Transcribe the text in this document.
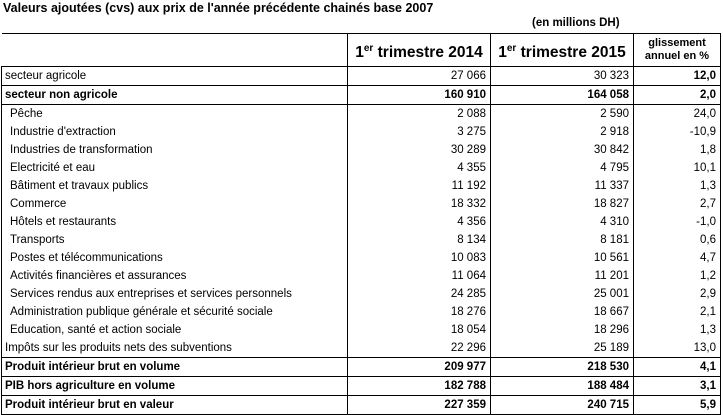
Valeurs ajoutées (cvs) aux prix de l'année précédente chainés base 2007
(en millions DH)
	1er trimestre 2014	1er trimestre 2015	glissement
annuel en %
secteur agricole	27 066	30 323	12,0
secteur non agricole	160 910	164 058	2,0
Pêche	2 088	2 590	24,0
Industrie d'extraction	3 275	2 918	-10,9
Industries de transformation	30 289	30 842	1,8
Electricité et eau	4 355	4 795	10,1
Bâtiment et travaux publics	11 192	11 337	1,3
Commerce	18 332	18 827	2,7
Hôtels et restaurants	4 356	4 310	-1,0
Transports	8 134	8 181	0,6
Postes et télécommunications	10 083	10 561	4,7
Activités financières et assurances	11 064	11 201	1,2
Services rendus aux entreprises et services personnels	24 285	25 001	2,9
Administration publique générale et sécurité sociale	18 276	18 667	2,1
Education, santé et action sociale	18 054	18 296	1,3
Impôts sur les produits nets des subventions	22 296	25 189	13,0
Produit intérieur brut en volume	209 977	218 530	4,1
PIB hors agriculture en volume	182 788	188 484	3,1
Produit intérieur brut en valeur	227 359	240 715	5,9
